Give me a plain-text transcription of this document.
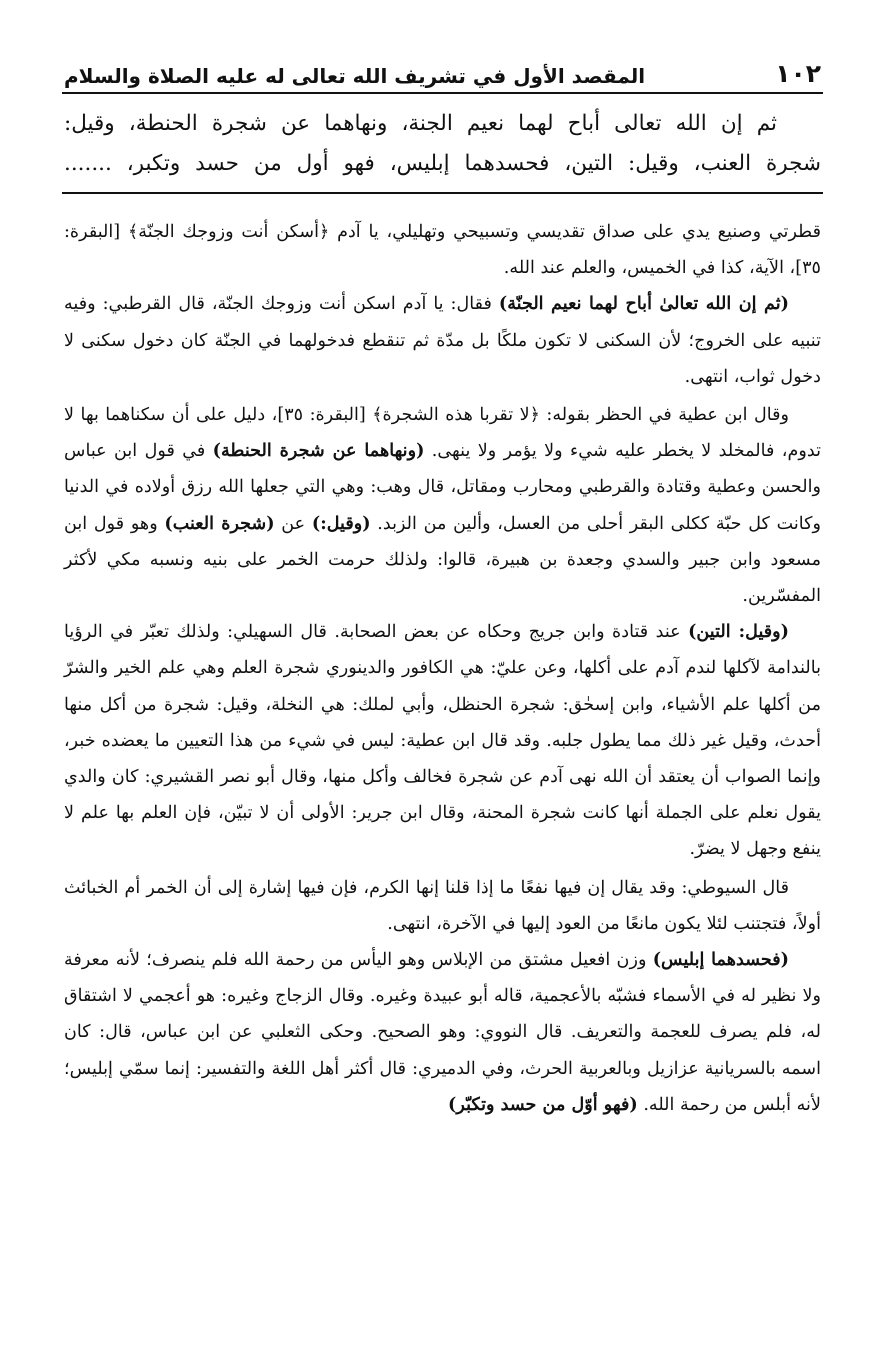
١٠٢
المقصد الأول في تشريف الله تعالى له عليه الصلاة والسلام

ثم إن الله تعالى أباح لهما نعيم الجنة، ونهاهما عن شجرة الحنطة، وقيل:

شجرة العنب، وقيل: التين، فحسدهما إبليس، فهو أول من حسد وتكبر، .......

قطرتي وصنيع يدي على صداق تقديسي وتسبيحي وتهليلي، يا آدم ﴿أسكن أنت وزوجك الجنّة﴾ [البقرة: ٣٥]، الآية، كذا في الخميس، والعلم عند الله.

(ثم إن الله تعالىٰ أباح لهما نعيم الجنّة) فقال: يا آدم اسكن أنت وزوجك الجنّة، قال القرطبي: وفيه تنبيه على الخروج؛ لأن السكنى لا تكون ملكًا بل مدّة ثم تنقطع فدخولهما في الجنّة كان دخول سكنى لا دخول ثواب، انتهى.

وقال ابن عطية في الحظر بقوله: ﴿لا تقربا هذه الشجرة﴾ [البقرة: ٣٥]، دليل على أن سكناهما بها لا تدوم، فالمخلد لا يخطر عليه شيء ولا يؤمر ولا ينهى. (ونهاهما عن شجرة الحنطة) في قول ابن عباس والحسن وعطية وقتادة والقرطبي ومحارب ومقاتل، قال وهب: وهي التي جعلها الله رزق أولاده في الدنيا وكانت كل حبّة ككلى البقر أحلى من العسل، وألين من الزبد. (وقيل:) عن (شجرة العنب) وهو قول ابن مسعود وابن جبير والسدي وجعدة بن هبيرة، قالوا: ولذلك حرمت الخمر على بنيه ونسبه مكي لأكثر المفسّرين.

(وقيل: التين) عند قتادة وابن جريج وحكاه عن بعض الصحابة. قال السهيلي: ولذلك تعبّر في الرؤيا بالندامة لآكلها لندم آدم على أكلها، وعن عليّ: هي الكافور والدينوري شجرة العلم وهي علم الخير والشرّ من أكلها علم الأشياء، وابن إسحٰق: شجرة الحنظل، وأبي لملك: هي النخلة، وقيل: شجرة من أكل منها أحدث، وقيل غير ذلك مما يطول جلبه. وقد قال ابن عطية: ليس في شيء من هذا التعيين ما يعضده خبر، وإنما الصواب أن يعتقد أن الله نهى آدم عن شجرة فخالف وأكل منها، وقال أبو نصر القشيري: كان والدي يقول نعلم على الجملة أنها كانت شجرة المحنة، وقال ابن جرير: الأولى أن لا تبيّن، فإن العلم بها علم لا ينفع وجهل لا يضرّ.

قال السيوطي: وقد يقال إن فيها نفعًا ما إذا قلنا إنها الكرم، فإن فيها إشارة إلى أن الخمر أم الخبائث أولاً، فتجتنب لئلا يكون مانعًا من العود إليها في الآخرة، انتهى.

(فحسدهما إبليس) وزن افعيل مشتق من الإبلاس وهو اليأس من رحمة الله فلم ينصرف؛ لأنه معرفة ولا نظير له في الأسماء فشبّه بالأعجمية، قاله أبو عبيدة وغيره. وقال الزجاج وغيره: هو أعجمي لا اشتقاق له، فلم يصرف للعجمة والتعريف. قال النووي: وهو الصحيح. وحكى الثعلبي عن ابن عباس، قال: كان اسمه بالسريانية عزازيل وبالعربية الحرث، وفي الدميري: قال أكثر أهل اللغة والتفسير: إنما سمّي إبليس؛ لأنه أبلس من رحمة الله. (فهو أوّل من حسد وتكبّر)
